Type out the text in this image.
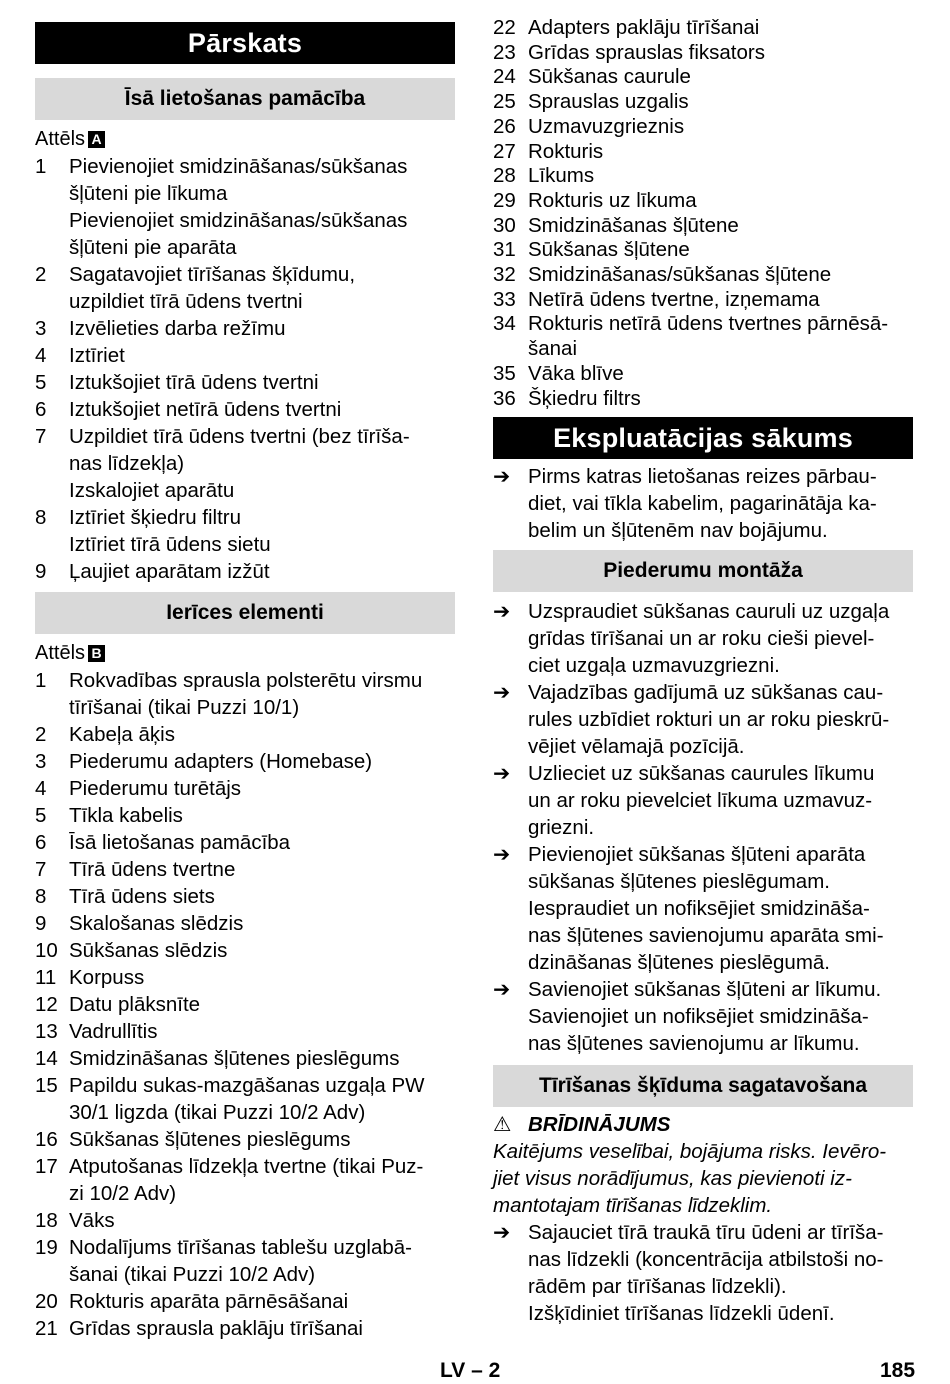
Pārskats
Īsā lietošanas pamācība
Attēls A
1	Pievienojiet smidzināšanas/sūkšanas
šļūteni pie līkuma
Pievienojiet smidzināšanas/sūkšanas
šļūteni pie aparāta
2	Sagatavojiet tīrīšanas šķīdumu,
uzpildiet tīrā ūdens tvertni
3	Izvēlieties darba režīmu
4	Iztīriet
5	Iztukšojiet tīrā ūdens tvertni
6	Iztukšojiet netīrā ūdens tvertni
7	Uzpildiet tīrā ūdens tvertni (bez tīrīša-
nas līdzekļa)
Izskalojiet aparātu
8	Iztīriet šķiedru filtru
Iztīriet tīrā ūdens sietu
9	Ļaujiet aparātam izžūt
Ierīces elementi
Attēls B
1	Rokvadības sprausla polsterētu virsmu
tīrīšanai (tikai Puzzi 10/1)
2	Kabeļa āķis
3	Piederumu adapters (Homebase)
4	Piederumu turētājs
5	Tīkla kabelis
6	Īsā lietošanas pamācība
7	Tīrā ūdens tvertne
8	Tīrā ūdens siets
9	Skalošanas slēdzis
10 Sūkšanas slēdzis
11 Korpuss
12 Datu plāksnīte
13 Vadrullītis
14 Smidzināšanas šļūtenes pieslēgums
15 Papildu sukas-mazgāšanas uzgaļa PW
30/1 ligzda (tikai Puzzi 10/2 Adv)
16 Sūkšanas šļūtenes pieslēgums
17 Atputošanas līdzekļa tvertne (tikai Puz-
zi 10/2 Adv)
18 Vāks
19 Nodalījums tīrīšanas tablešu uzglabā-
šanai (tikai Puzzi 10/2 Adv)
20 Rokturis aparāta pārnēsāšanai
21 Grīdas sprausla paklāju tīrīšanai
22 Adapters paklāju tīrīšanai
23 Grīdas sprauslas fiksators
24 Sūkšanas caurule
25 Sprauslas uzgalis
26 Uzmavuzgrieznis
27 Rokturis
28 Līkums
29 Rokturis uz līkuma
30 Smidzināšanas šļūtene
31 Sūkšanas šļūtene
32 Smidzināšanas/sūkšanas šļūtene
33 Netīrā ūdens tvertne, izņemama
34 Rokturis netīrā ūdens tvertnes pārnēsā-
šanai
35 Vāka blīve
36 Šķiedru filtrs
Ekspluatācijas sākums
➔ Pirms katras lietošanas reizes pārbau-
diet, vai tīkla kabelim, pagarinātāja ka-
belim un šļūtenēm nav bojājumu.
Piederumu montāža
➔ Uzspraudiet sūkšanas cauruli uz uzgaļa
grīdas tīrīšanai un ar roku cieši pievel-
ciet uzgaļa uzmavuzgriezni.
➔ Vajadzības gadījumā uz sūkšanas cau-
rules uzbīdiet rokturi un ar roku pieskrū-
vējiet vēlamajā pozīcijā.
➔ Uzlieciet uz sūkšanas caurules līkumu
un ar roku pievelciet līkuma uzmavuz-
griezni.
➔ Pievienojiet sūkšanas šļūteni aparāta
sūkšanas šļūtenes pieslēgumam.
Iespraudiet un nofiksējiet smidzināša-
nas šļūtenes savienojumu aparāta smi-
dzināšanas šļūtenes pieslēgumā.
➔ Savienojiet sūkšanas šļūteni ar līkumu.
Savienojiet un nofiksējiet smidzināša-
nas šļūtenes savienojumu ar līkumu.
Tīrīšanas šķīduma sagatavošana
⚠ BRĪDINĀJUMS
Kaitējums veselībai, bojājuma risks. Ievēro-
jiet visus norādījumus, kas pievienoti iz-
mantotajam tīrīšanas līdzeklim.
➔ Sajauciet tīrā traukā tīru ūdeni ar tīrīša-
nas līdzekli (koncentrācija atbilstoši no-
rādēm par tīrīšanas līdzekli).
Izšķīdiniet tīrīšanas līdzekli ūdenī.
LV – 2	185
